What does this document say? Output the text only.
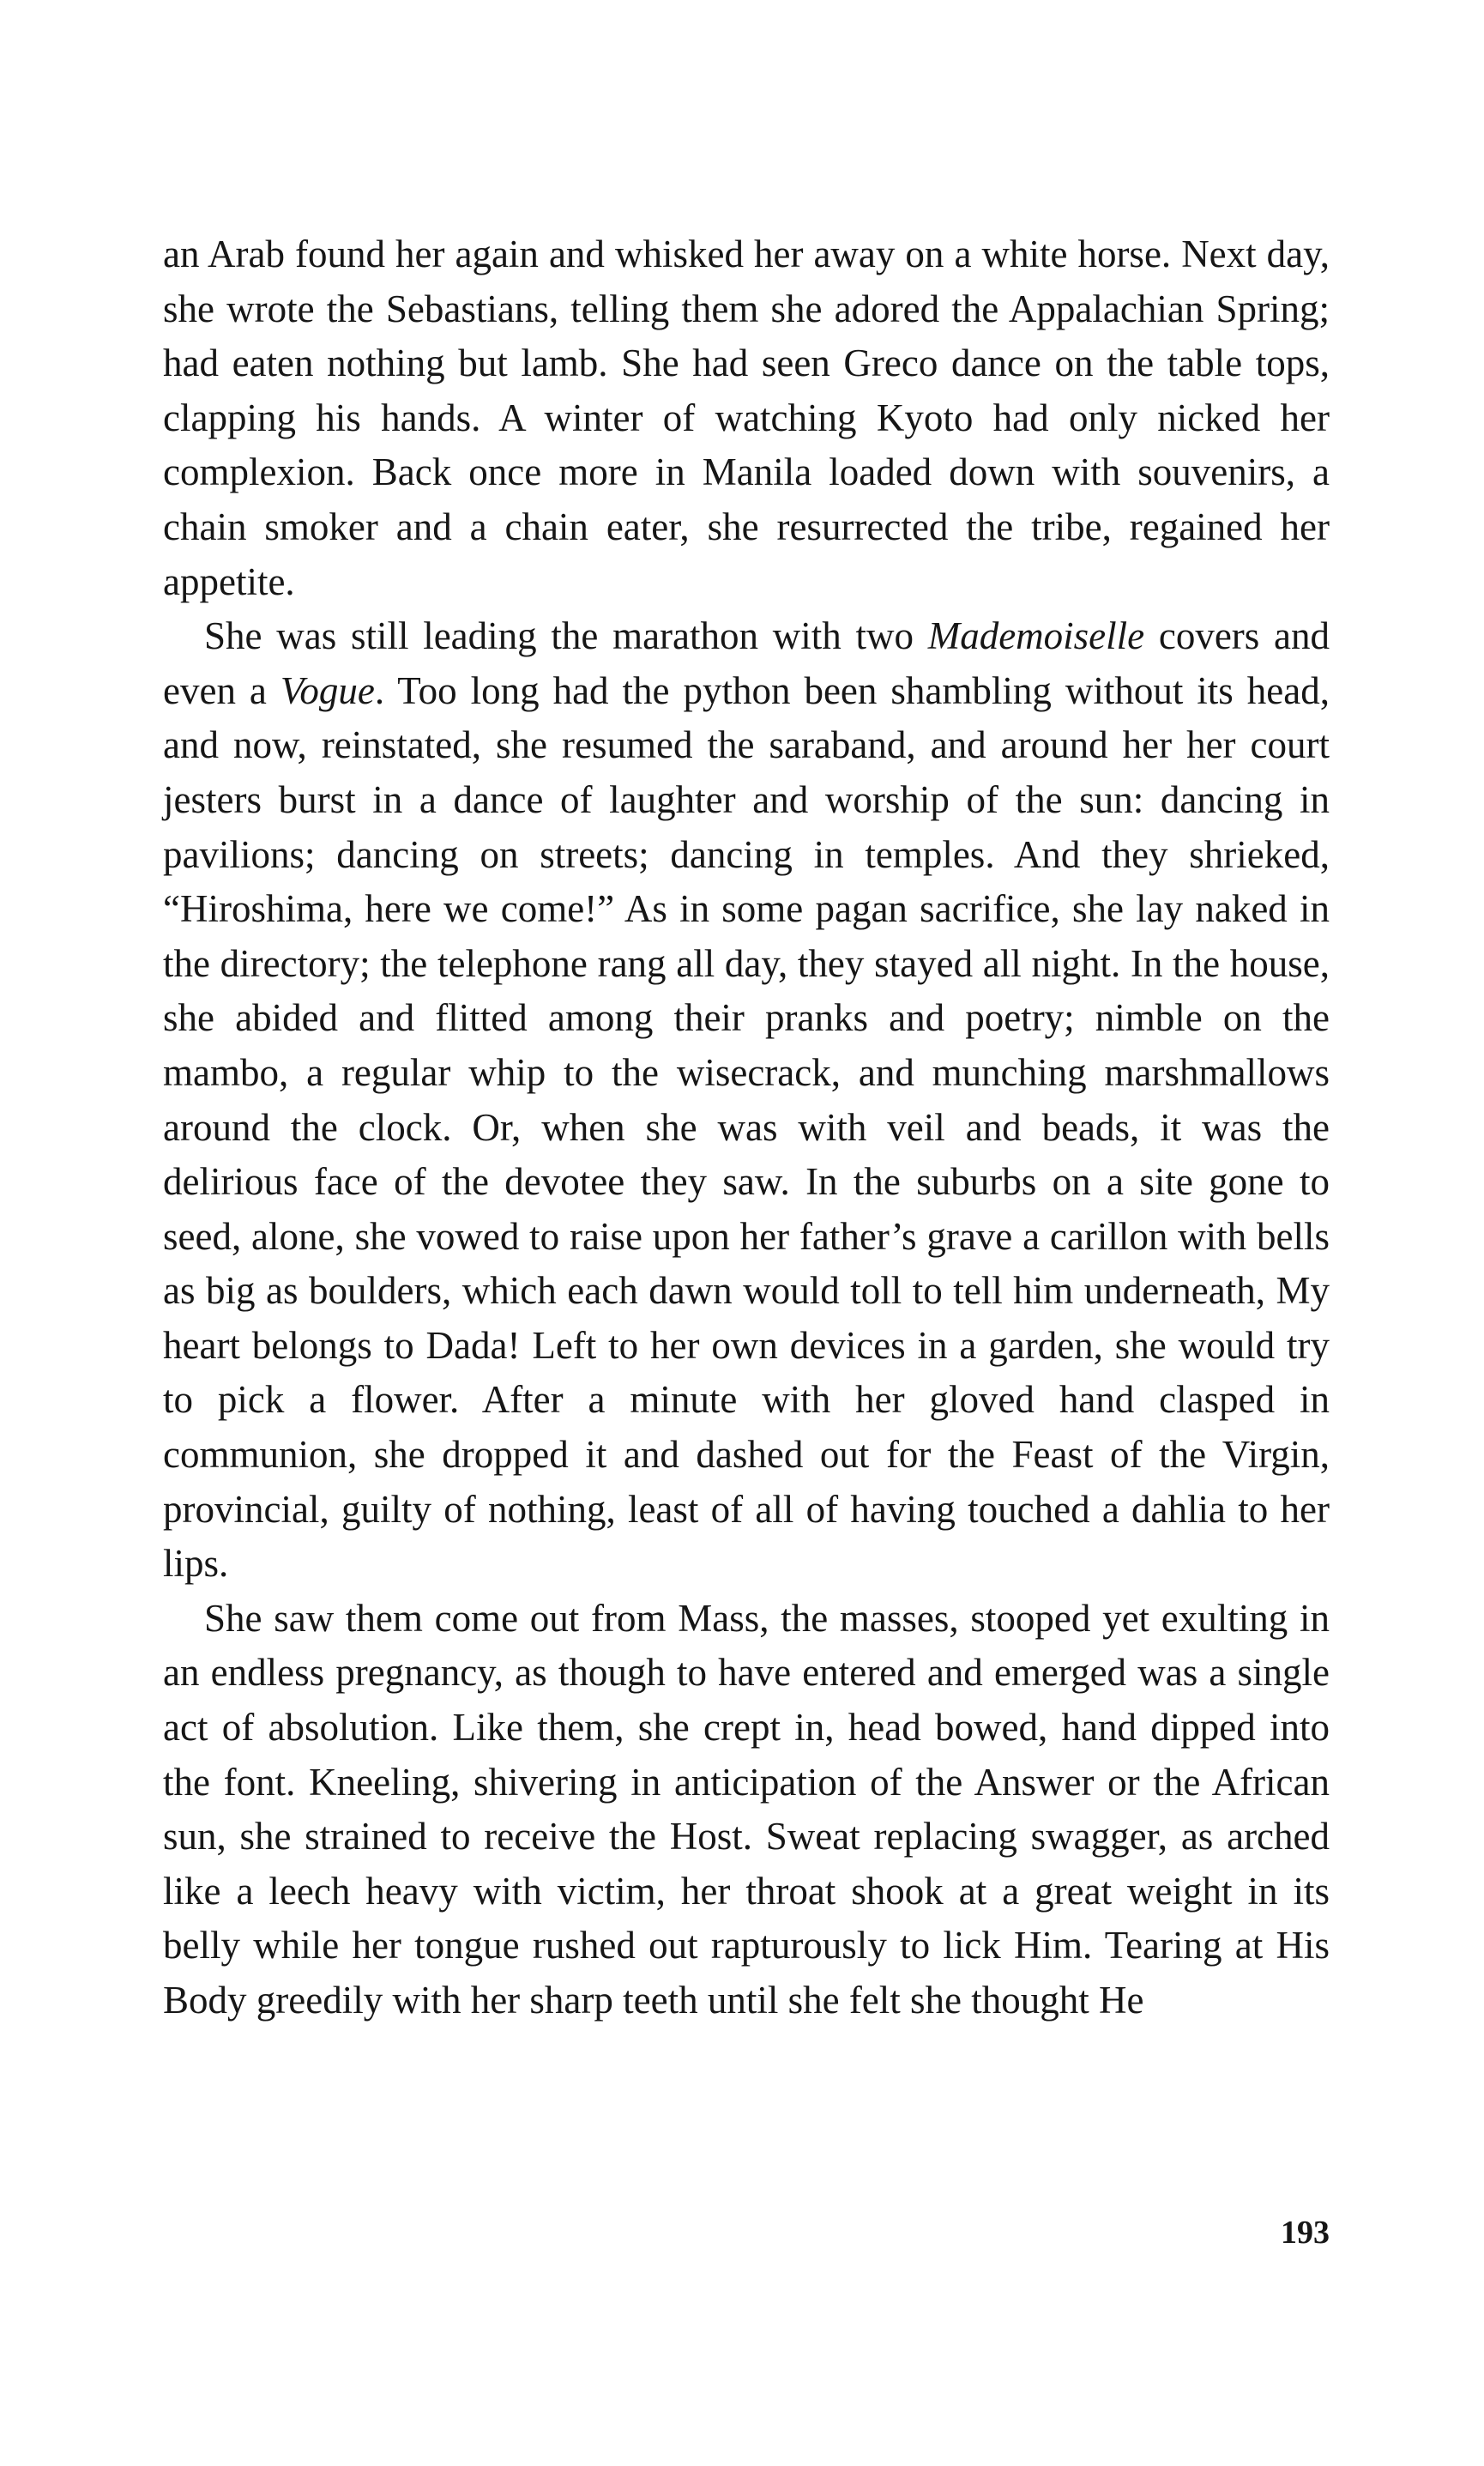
an Arab found her again and whisked her away on a white horse. Next day, she wrote the Sebastians, telling them she adored the Appalachian Spring; had eaten nothing but lamb. She had seen Greco dance on the table tops, clapping his hands. A winter of watching Kyoto had only nicked her complexion. Back once more in Manila loaded down with souvenirs, a chain smoker and a chain eater, she resurrected the tribe, regained her appetite.

She was still leading the marathon with two Mademoiselle covers and even a Vogue. Too long had the python been shambling without its head, and now, reinstated, she resumed the saraband, and around her her court jesters burst in a dance of laughter and worship of the sun: dancing in pavilions; dancing on streets; dancing in temples. And they shrieked, “Hiroshima, here we come!” As in some pagan sacrifice, she lay naked in the directory; the telephone rang all day, they stayed all night. In the house, she abided and flitted among their pranks and poetry; nimble on the mambo, a regular whip to the wisecrack, and munching marshmallows around the clock. Or, when she was with veil and beads, it was the delirious face of the devotee they saw. In the suburbs on a site gone to seed, alone, she vowed to raise upon her father’s grave a carillon with bells as big as boulders, which each dawn would toll to tell him underneath, My heart belongs to Dada! Left to her own devices in a garden, she would try to pick a flower. After a minute with her gloved hand clasped in communion, she dropped it and dashed out for the Feast of the Virgin, provincial, guilty of nothing, least of all of having touched a dahlia to her lips.

She saw them come out from Mass, the masses, stooped yet exulting in an endless pregnancy, as though to have entered and emerged was a single act of absolution. Like them, she crept in, head bowed, hand dipped into the font. Kneeling, shivering in anticipation of the Answer or the African sun, she strained to receive the Host. Sweat replacing swagger, as arched like a leech heavy with victim, her throat shook at a great weight in its belly while her tongue rushed out rapturously to lick Him. Tearing at His Body greedily with her sharp teeth until she felt she thought He

193
